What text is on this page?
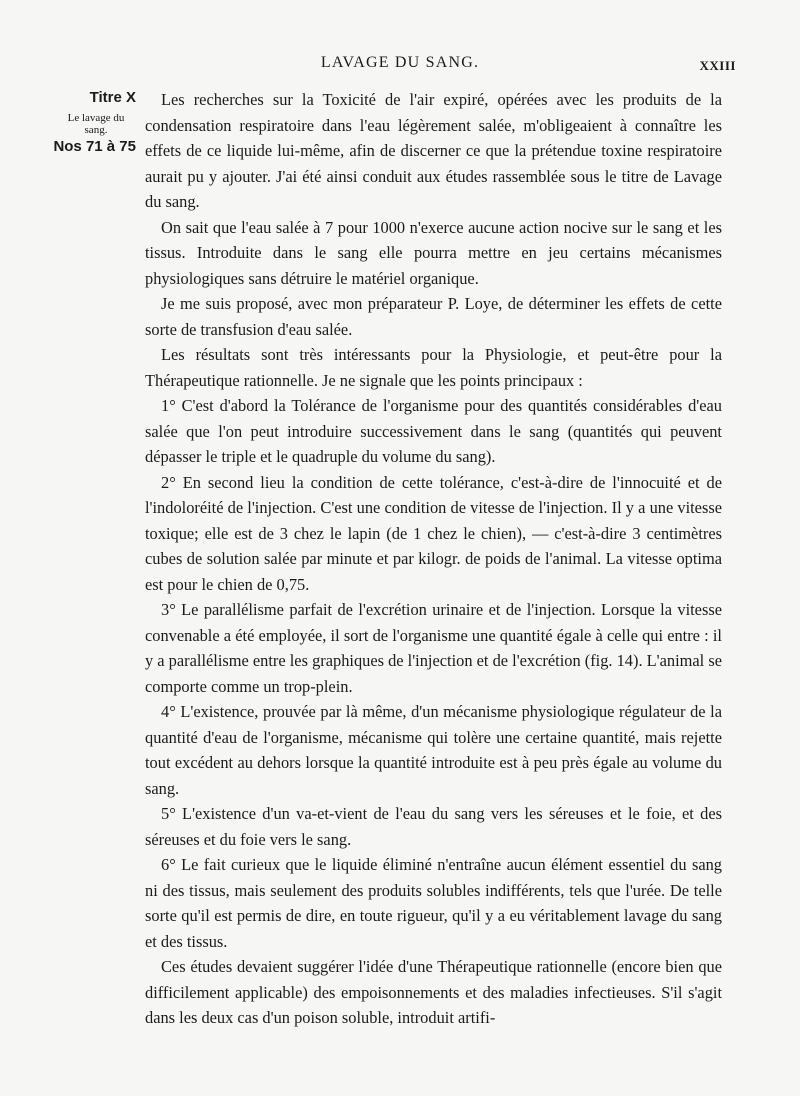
LAVAGE DU SANG.	XXIII
Titre X
Le lavage du sang.
Nos 71 à 75

Les recherches sur la Toxicité de l'air expiré, opérées avec les produits de la condensation respiratoire dans l'eau légèrement salée, m'obligeaient à connaître les effets de ce liquide lui-même, afin de discerner ce que la prétendue toxine respiratoire aurait pu y ajouter. J'ai été ainsi conduit aux études rassemblée sous le titre de Lavage du sang.

On sait que l'eau salée à 7 pour 1000 n'exerce aucune action nocive sur le sang et les tissus. Introduite dans le sang elle pourra mettre en jeu certains mécanismes physiologiques sans détruire le matériel organique.

Je me suis proposé, avec mon préparateur P. Loye, de déterminer les effets de cette sorte de transfusion d'eau salée.

Les résultats sont très intéressants pour la Physiologie, et peut-être pour la Thérapeutique rationnelle. Je ne signale que les points principaux :

1° C'est d'abord la Tolérance de l'organisme pour des quantités considérables d'eau salée que l'on peut introduire successivement dans le sang (quantités qui peuvent dépasser le triple et le quadruple du volume du sang).

2° En second lieu la condition de cette tolérance, c'est-à-dire de l'innocuité et de l'indoloréité de l'injection. C'est une condition de vitesse de l'injection. Il y a une vitesse toxique; elle est de 3 chez le lapin (de 1 chez le chien), — c'est-à-dire 3 centimètres cubes de solution salée par minute et par kilogr. de poids de l'animal. La vitesse optima est pour le chien de 0,75.

3° Le parallélisme parfait de l'excrétion urinaire et de l'injection. Lorsque la vitesse convenable a été employée, il sort de l'organisme une quantité égale à celle qui entre : il y a parallélisme entre les graphiques de l'injection et de l'excrétion (fig. 14). L'animal se comporte comme un trop-plein.

4° L'existence, prouvée par là même, d'un mécanisme physiologique régulateur de la quantité d'eau de l'organisme, mécanisme qui tolère une certaine quantité, mais rejette tout excédent au dehors lorsque la quantité introduite est à peu près égale au volume du sang.

5° L'existence d'un va-et-vient de l'eau du sang vers les séreuses et le foie, et des séreuses et du foie vers le sang.

6° Le fait curieux que le liquide éliminé n'entraîne aucun élément essentiel du sang ni des tissus, mais seulement des produits solubles indifférents, tels que l'urée. De telle sorte qu'il est permis de dire, en toute rigueur, qu'il y a eu véritablement lavage du sang et des tissus.

Ces études devaient suggérer l'idée d'une Thérapeutique rationnelle (encore bien que difficilement applicable) des empoisonnements et des maladies infectieuses. S'il s'agit dans les deux cas d'un poison soluble, introduit artifi-
